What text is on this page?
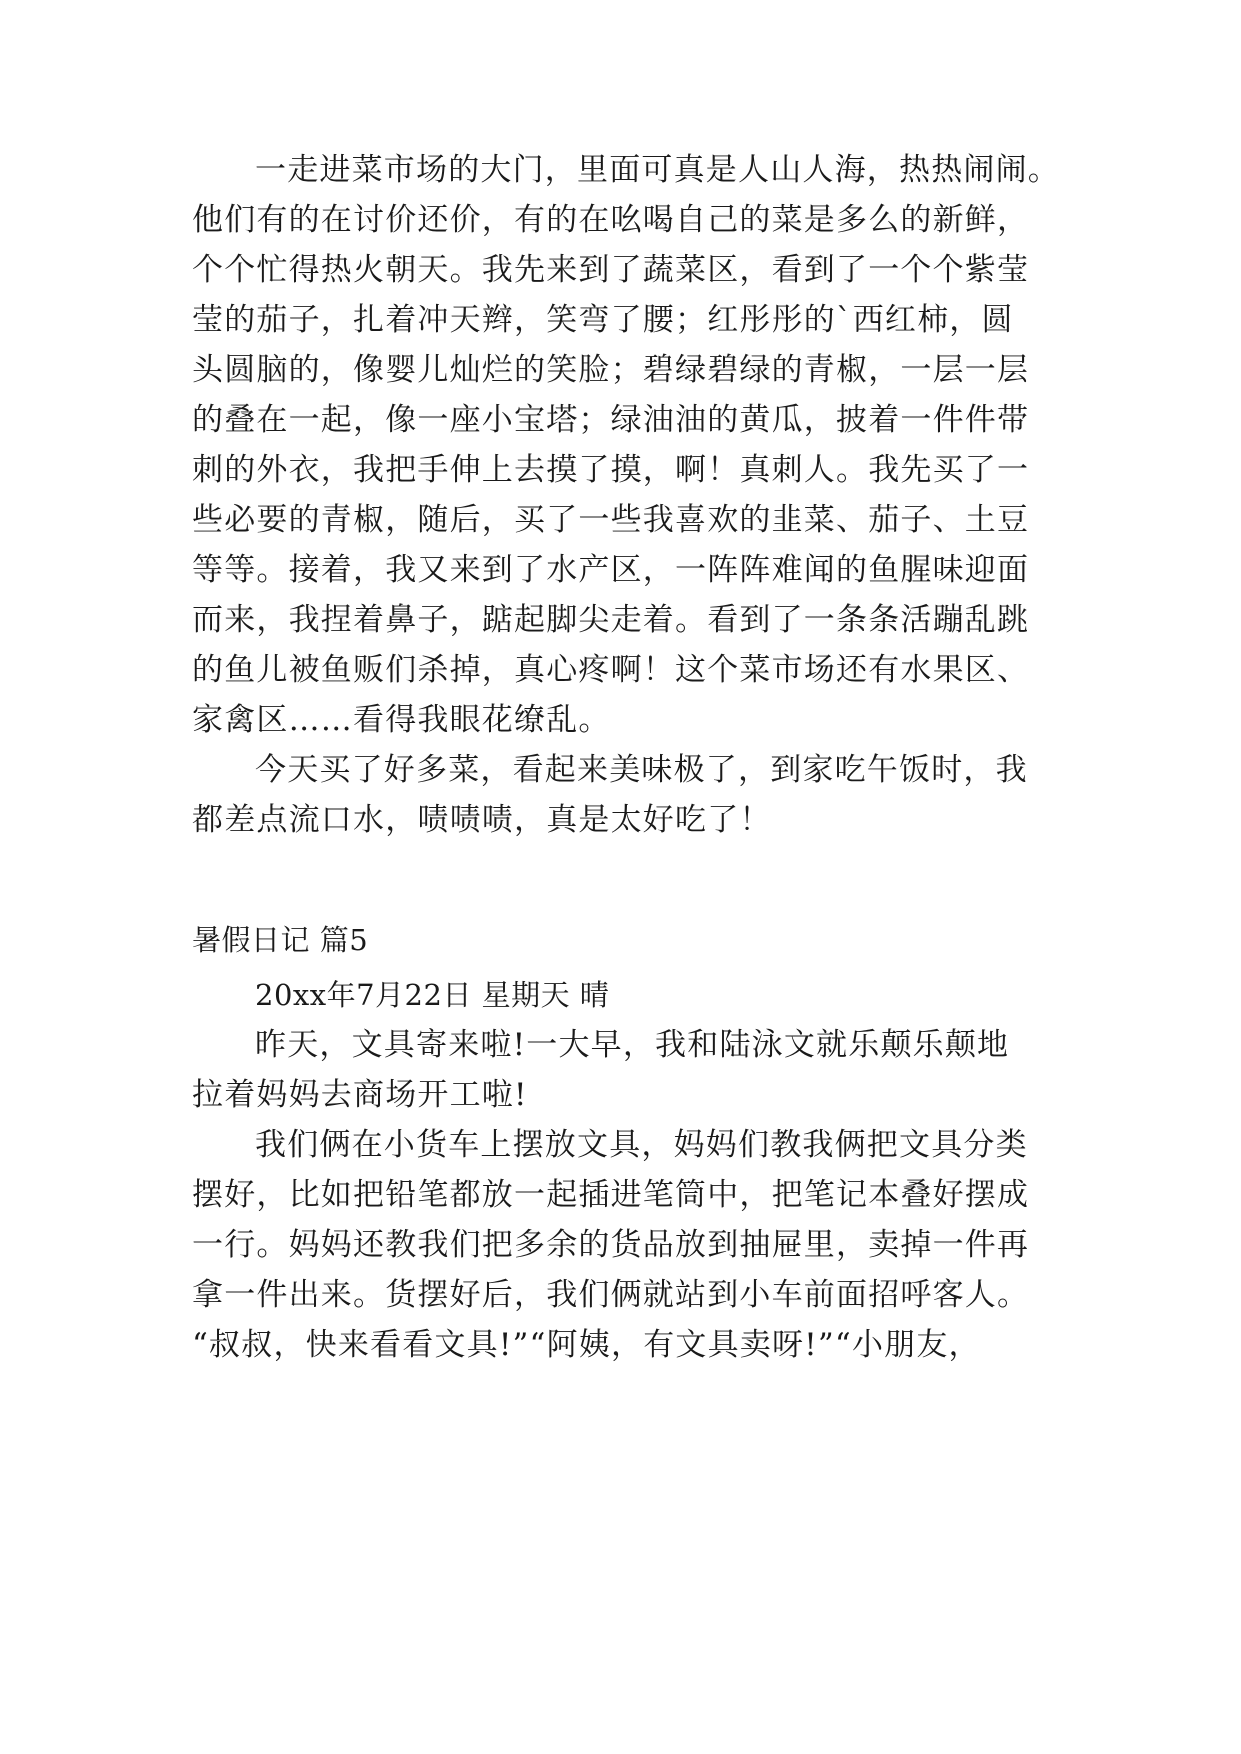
一走进菜市场的大门，里面可真是人山人海，热热闹闹。
他们有的在讨价还价，有的在吆喝自己的菜是多么的新鲜，
个个忙得热火朝天。我先来到了蔬菜区，看到了一个个紫莹
莹的茄子，扎着冲天辫，笑弯了腰；红彤彤的`西红柿，圆
头圆脑的，像婴儿灿烂的笑脸；碧绿碧绿的青椒，一层一层
的叠在一起，像一座小宝塔；绿油油的黄瓜，披着一件件带
刺的外衣，我把手伸上去摸了摸，啊！真刺人。我先买了一
些必要的青椒，随后，买了一些我喜欢的韭菜、茄子、土豆
等等。接着，我又来到了水产区，一阵阵难闻的鱼腥味迎面
而来，我捏着鼻子，踮起脚尖走着。看到了一条条活蹦乱跳
的鱼儿被鱼贩们杀掉，真心疼啊！这个菜市场还有水果区、
家禽区……看得我眼花缭乱。
今天买了好多菜，看起来美味极了，到家吃午饭时，我
都差点流口水，啧啧啧，真是太好吃了！
暑假日记 篇5
20xx年7月22日 星期天 晴
昨天，文具寄来啦!一大早，我和陆泳文就乐颠乐颠地
拉着妈妈去商场开工啦!
我们俩在小货车上摆放文具，妈妈们教我俩把文具分类
摆好，比如把铅笔都放一起插进笔筒中，把笔记本叠好摆成
一行。妈妈还教我们把多余的货品放到抽屉里，卖掉一件再
拿一件出来。货摆好后，我们俩就站到小车前面招呼客人。
“叔叔，快来看看文具!”“阿姨，有文具卖呀!”“小朋友，
